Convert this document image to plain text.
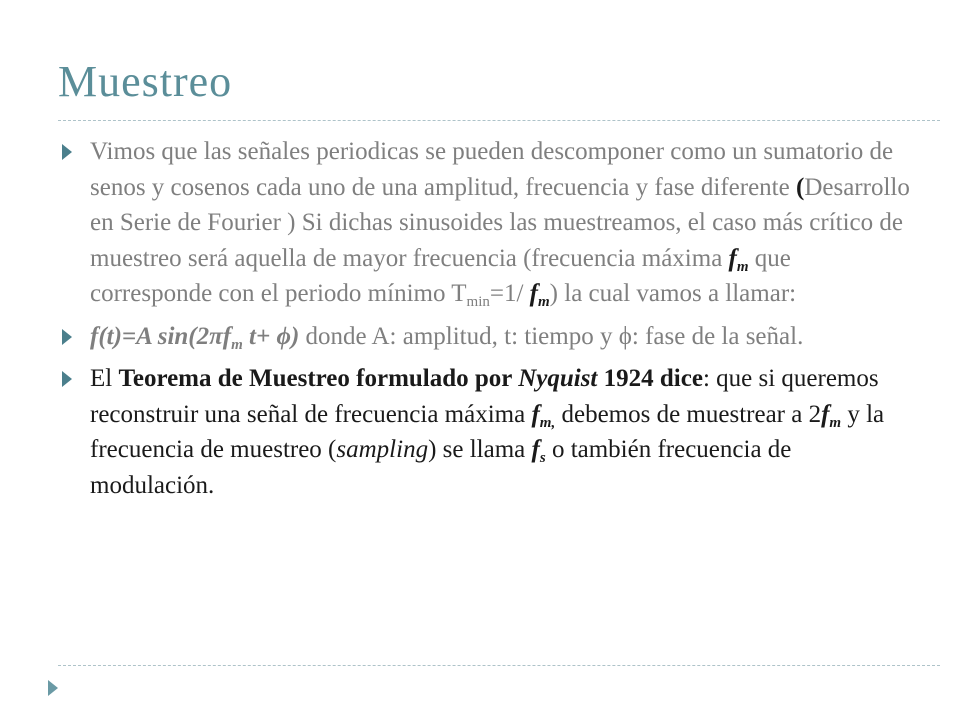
Muestreo
Vimos que las señales periodicas se pueden descomponer como un sumatorio de senos y cosenos cada uno de una amplitud, frecuencia y fase diferente (Desarrollo en Serie de Fourier ) Si dichas sinusoides las muestreamos, el caso más crítico de muestreo será aquella de mayor frecuencia (frecuencia máxima $f_m$ que corresponde con el periodo mínimo $T_{min}=1/$ $f_m$) la cual vamos a llamar:
f(t)=A $\sin(2\pi f_m$ t+ ϕ) donde A: amplitud, t: tiempo y ϕ: fase de la señal.
El Teorema de Muestreo formulado por Nyquist 1924 dice: que si queremos reconstruir una señal de frecuencia máxima $f_{m,}$ debemos de muestrear a $2f_m$ y la frecuencia de muestreo (sampling) se llama $f_s$ o también frecuencia de modulación.
